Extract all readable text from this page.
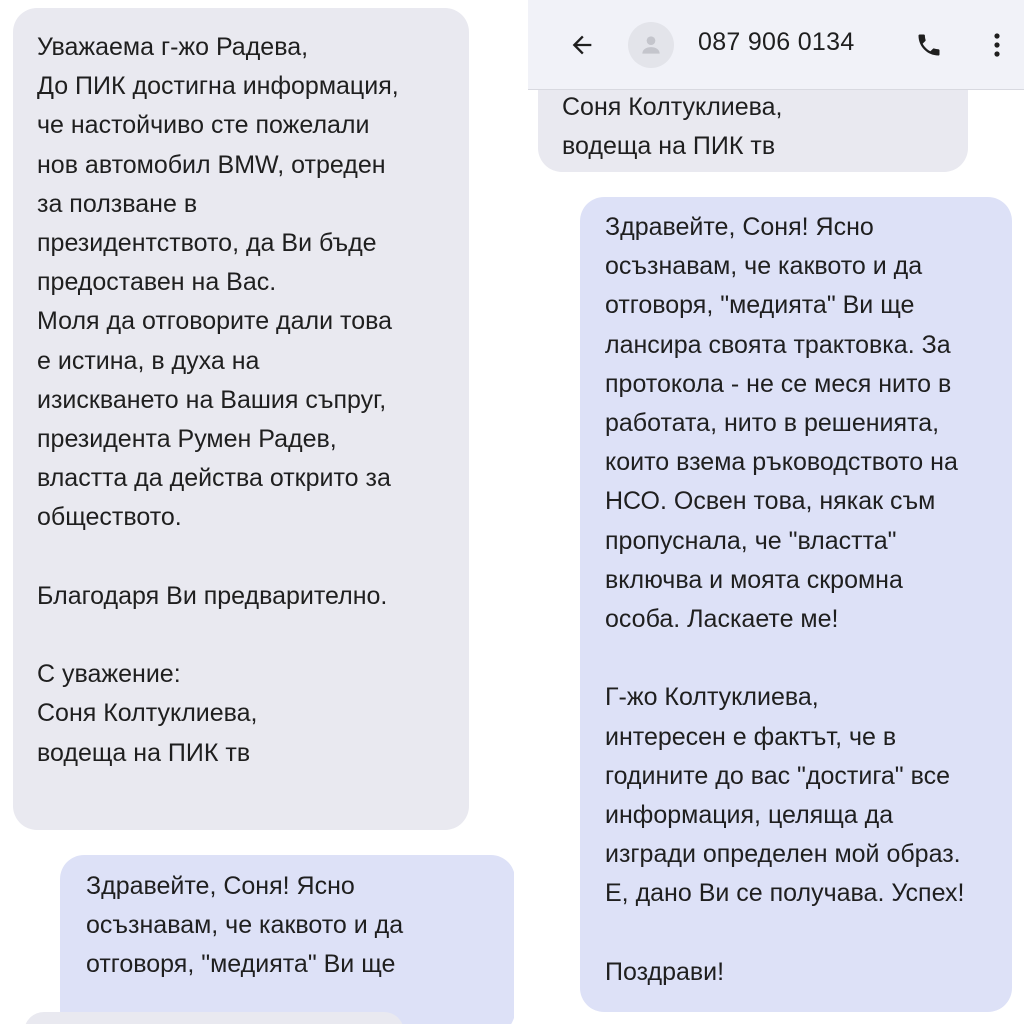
Уважаема г-жо Радева,
До ПИК достигна информация,
че настойчиво сте пожелали
нов автомобил BMW, отреден
за ползване в
президентството, да Ви бъде
предоставен на Вас.
Моля да отговорите дали това
е истина, в духа на
изискването на Вашия съпруг,
президента Румен Радев,
властта да действа открито за
обществото.

Благодаря Ви предварително.

С уважение:
Соня Колтуклиева,
водеща на ПИК тв
Здравейте, Соня! Ясно
осъзнавам, че каквото и да
отговоря, "медията" Ви ще
Соня Колтуклиева,
водеща на ПИК тв
Здравейте, Соня! Ясно
осъзнавам, че каквото и да
отговоря, "медията" Ви ще
лансира своята трактовка. За
протокола - не се меся нито в
работата, нито в решенията,
които взема ръководството на
НСО. Освен това, някак съм
пропуснала, че "властта"
включва и моята скромна
особа. Ласкаете ме!

Г-жо Колтуклиева,
интересен е фактът, че в
годините до вас "достига" все
информация, целяща да
изгради определен мой образ.
Е, дано Ви се получава. Успех!

Поздрави!
087 906 0134
